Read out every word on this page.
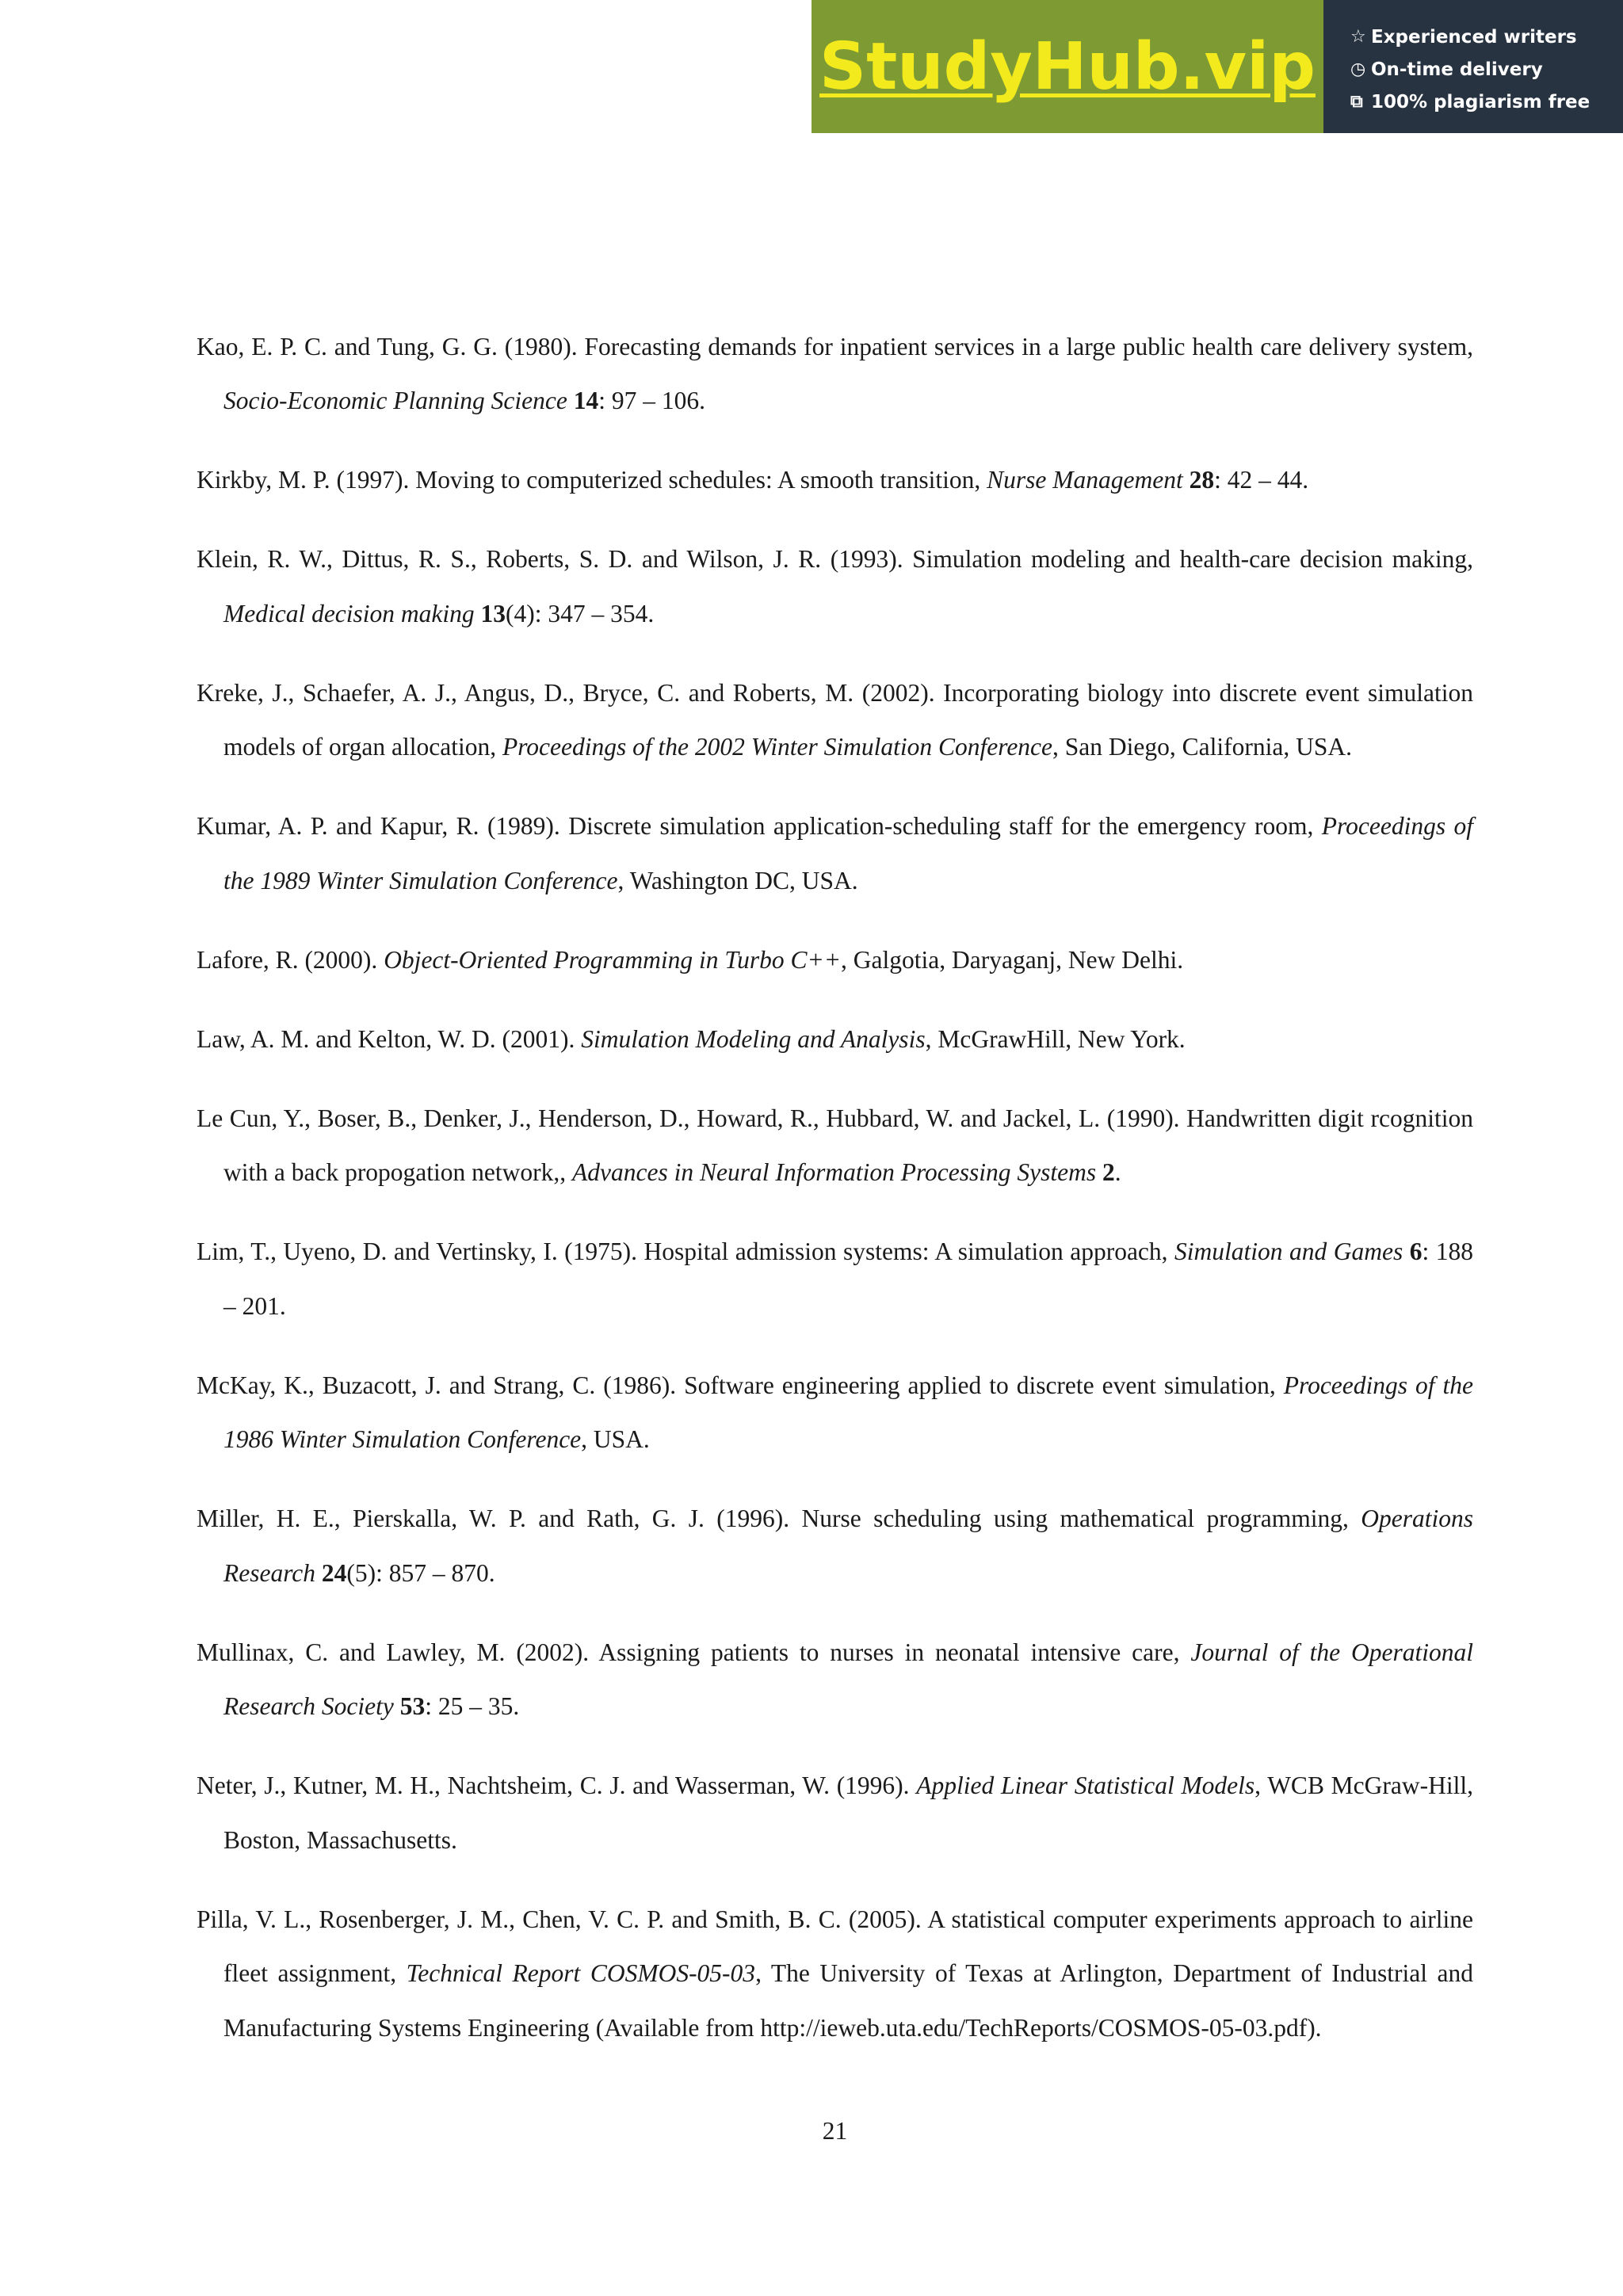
StudyHub.vip ☆ Experienced writers
◷ On-time delivery
⧉ 100% plagiarism free

Kao, E. P. C. and Tung, G. G. (1980). Forecasting demands for inpatient services in a large public health care delivery system, Socio-Economic Planning Science 14: 97 – 106.

Kirkby, M. P. (1997). Moving to computerized schedules: A smooth transition, Nurse Management 28: 42 – 44.

Klein, R. W., Dittus, R. S., Roberts, S. D. and Wilson, J. R. (1993). Simulation modeling and health-care decision making, Medical decision making 13(4): 347 – 354.

Kreke, J., Schaefer, A. J., Angus, D., Bryce, C. and Roberts, M. (2002). Incorporating biology into discrete event simulation models of organ allocation, Proceedings of the 2002 Winter Simulation Conference, San Diego, California, USA.

Kumar, A. P. and Kapur, R. (1989). Discrete simulation application-scheduling staff for the emergency room, Proceedings of the 1989 Winter Simulation Conference, Washington DC, USA.

Lafore, R. (2000). Object-Oriented Programming in Turbo C++, Galgotia, Daryaganj, New Delhi.

Law, A. M. and Kelton, W. D. (2001). Simulation Modeling and Analysis, McGrawHill, New York.

Le Cun, Y., Boser, B., Denker, J., Henderson, D., Howard, R., Hubbard, W. and Jackel, L. (1990). Handwritten digit rcognition with a back propogation network,, Advances in Neural Information Processing Systems 2.

Lim, T., Uyeno, D. and Vertinsky, I. (1975). Hospital admission systems: A simulation approach, Simulation and Games 6: 188 – 201.

McKay, K., Buzacott, J. and Strang, C. (1986). Software engineering applied to discrete event simulation, Proceedings of the 1986 Winter Simulation Conference, USA.

Miller, H. E., Pierskalla, W. P. and Rath, G. J. (1996). Nurse scheduling using mathematical programming, Operations Research 24(5): 857 – 870.

Mullinax, C. and Lawley, M. (2002). Assigning patients to nurses in neonatal intensive care, Journal of the Operational Research Society 53: 25 – 35.

Neter, J., Kutner, M. H., Nachtsheim, C. J. and Wasserman, W. (1996). Applied Linear Statistical Models, WCB McGraw-Hill, Boston, Massachusetts.

Pilla, V. L., Rosenberger, J. M., Chen, V. C. P. and Smith, B. C. (2005). A statistical computer experiments approach to airline fleet assignment, Technical Report COSMOS-05-03, The University of Texas at Arlington, Department of Industrial and Manufacturing Systems Engineering (Available from http://ieweb.uta.edu/TechReports/COSMOS-05-03.pdf).

21
